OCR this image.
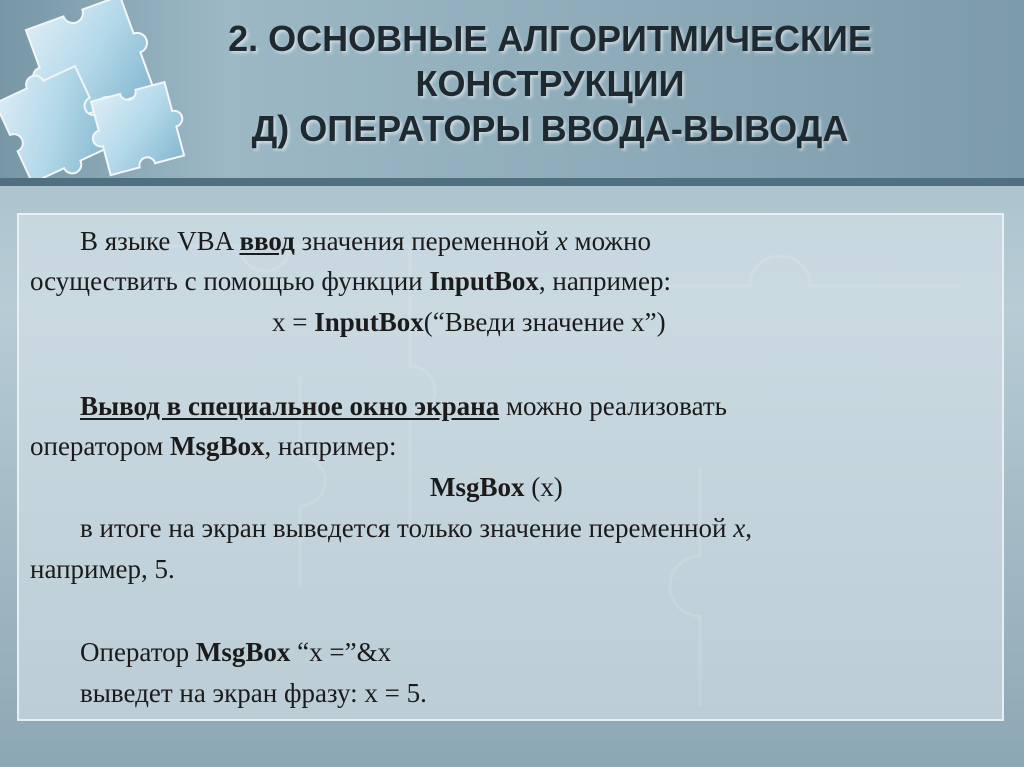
2. ОСНОВНЫЕ АЛГОРИТМИЧЕСКИЕ
КОНСТРУКЦИИ
Д) ОПЕРАТОРЫ ВВОДА-ВЫВОДА
В языке VBA ввод значения переменной x можно
осуществить с помощью функции InputBox, например:
x = InputBox(“Введи значение x”)
Вывод в специальное окно экрана можно реализовать
оператором MsgBox, например:
MsgBox (x)
в итоге на экран выведется только значение переменной x,
например, 5.
Оператор MsgBox “x =”&x
выведет на экран фразу: x = 5.
